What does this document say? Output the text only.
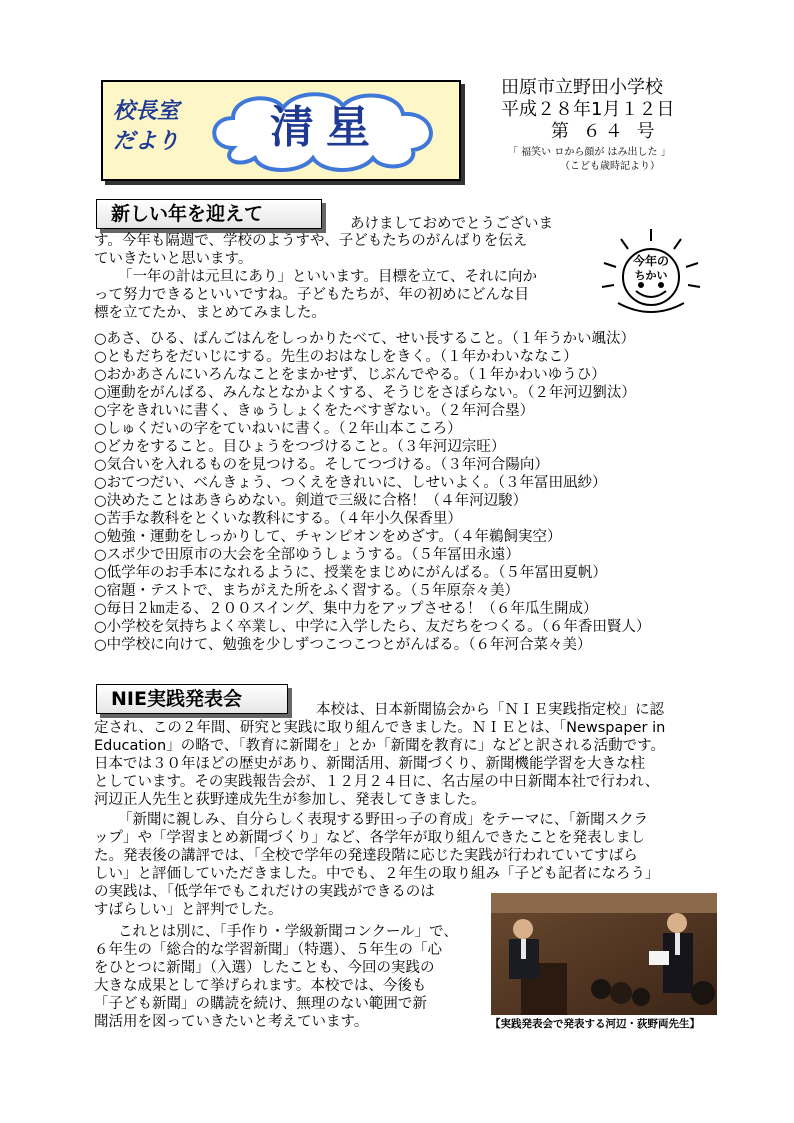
校長室
だより	清星
田原市立野田小学校
平成２８年1月１２日
第 ６４ 号
「 福笑い ロから顔が はみ出した 」
（こども歳時記より）
新しい年を迎えて
今年の
ちかい
あけましておめでとうございま
す。今年も隔週で、学校のようすや、子どもたちのがんばりを伝え
ていきたいと思います。
「一年の計は元旦にあり」といいます。目標を立て、それに向か
って努力できるといいですね。子どもたちが、年の初めにどんな目
標を立てたか、まとめてみました。
○あさ、ひる、ばんごはんをしっかりたべて、せい長すること。（１年うかい颯汰）
○ともだちをだいじにする。先生のおはなしをきく。（１年かわいななこ）
○おかあさんにいろんなことをまかせず、じぶんでやる。（１年かわいゆうひ）
○運動をがんばる、みんなとなかよくする、そうじをさぼらない。（２年河辺劉汰）
○字をきれいに書く、きゅうしょくをたべすぎない。（２年河合塁）
○しゅくだいの字をていねいに書く。（２年山本こころ）
○どカをすること。目ひょうをつづけること。（３年河辺宗旺）
○気合いを入れるものを見つける。そしてつづける。（３年河合陽向）
○おてつだい、べんきょう、つくえをきれいに、しせいよく。（３年冨田凪紗）
○決めたことはあきらめない。剣道で三級に合格！（４年河辺駿）
○苦手な教科をとくいな教科にする。（４年小久保香里）
○勉強・運動をしっかりして、チャンピオンをめざす。（４年鵜飼実空）
○スポ少で田原市の大会を全部ゆうしょうする。（５年冨田永遠）
○低学年のお手本になれるように、授業をまじめにがんばる。（５年冨田夏帆）
○宿題・テストで、まちがえた所をふく習する。（５年原奈々美）
○毎日２㎞走る、２００スイング、集中力をアップさせる！（６年瓜生開成）
○小学校を気持ちよく卒業し、中学に入学したら、友だちをつくる。（６年香田賢人）
○中学校に向けて、勉強を少しずつこつこつとがんばる。（６年河合菜々美）
NIE実践発表会	本校は、日本新聞協会から「ＮＩＥ実践指定校」に認
定され、この２年間、研究と実践に取り組んできました。ＮＩＥとは、「Newspaper in
Education」の略で、「教育に新聞を」とか「新聞を教育に」などと訳される活動です。
日本では３０年ほどの歴史があり、新聞活用、新聞づくり、新聞機能学習を大きな柱
としています。その実践報告会が、１２月２４日に、名古屋の中日新聞本社で行われ、
河辺正人先生と荻野達成先生が参加し、発表してきました。
「新聞に親しみ、自分らしく表現する野田っ子の育成」をテーマに、「新聞スクラ
ップ」や「学習まとめ新聞づくり」など、各学年が取り組んできたことを発表しまし
た。発表後の講評では、「全校で学年の発達段階に応じた実践が行われていてすばら
しい」と評価していただきました。中でも、２年生の取り組み「子ども記者になろう」
の実践は、「低学年でもこれだけの実践ができるのは
すばらしい」と評判でした。
これとは別に、「手作り・学級新聞コンクール」で、
６年生の「総合的な学習新聞」（特選）、５年生の「心
をひとつに新聞」（入選）したことも、今回の実践の
大きな成果として挙げられます。本校では、今後も
「子ども新聞」の購読を続け、無理のない範囲で新
聞活用を図っていきたいと考えています。	【実践発表会で発表する河辺・荻野両先生】
